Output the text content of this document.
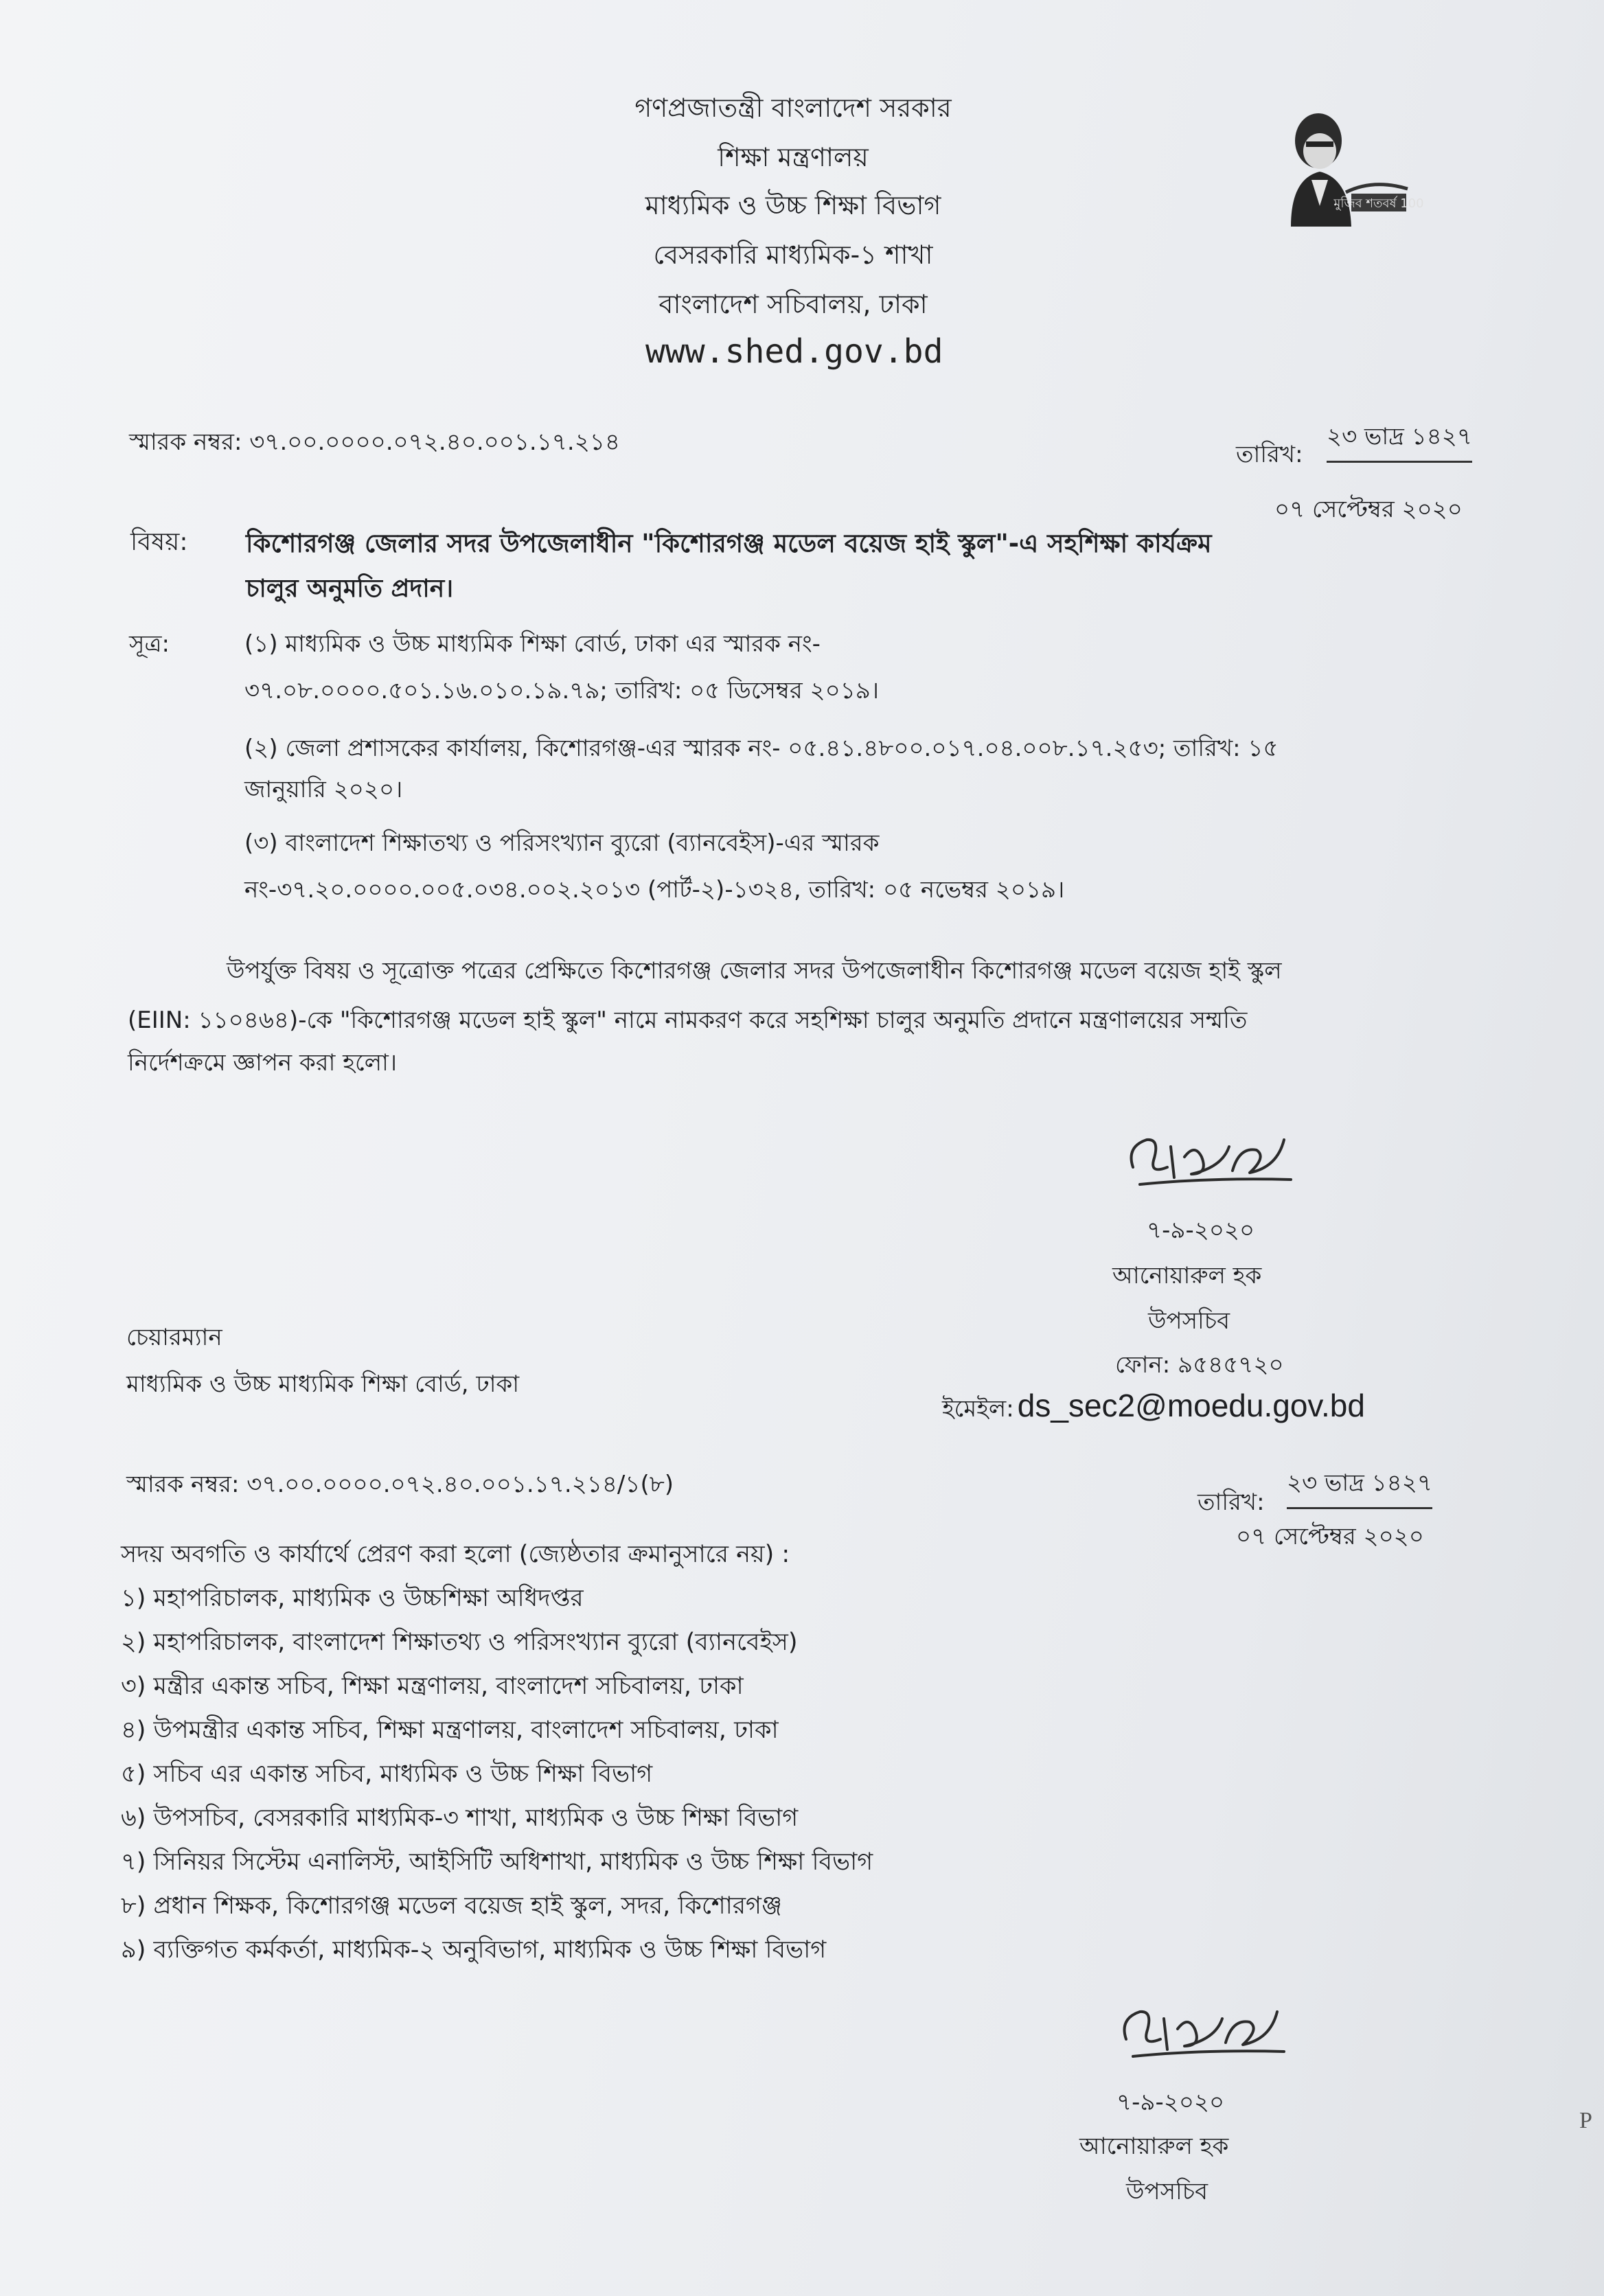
গণপ্রজাতন্ত্রী বাংলাদেশ সরকার
শিক্ষা মন্ত্রণালয়
মাধ্যমিক ও উচ্চ শিক্ষা বিভাগ
বেসরকারি মাধ্যমিক-১ শাখা
বাংলাদেশ সচিবালয়, ঢাকা
www.shed.gov.bd
মুজিব শতবর্ষ 100
স্মারক নম্বর: ৩৭.০০.০০০০.০৭২.৪০.০০১.১৭.২১৪	তারিখ:
২৩ ভাদ্র ১৪২৭
০৭ সেপ্টেম্বর ২০২০
বিষয়: কিশোরগঞ্জ জেলার সদর উপজেলাধীন "কিশোরগঞ্জ মডেল বয়েজ হাই স্কুল"-এ সহশিক্ষা কার্যক্রম
চালুর অনুমতি প্রদান।
সূত্র:	(১) মাধ্যমিক ও উচ্চ মাধ্যমিক শিক্ষা বোর্ড, ঢাকা এর স্মারক নং-
৩৭.০৮.০০০০.৫০১.১৬.০১০.১৯.৭৯; তারিখ: ০৫ ডিসেম্বর ২০১৯।
(২) জেলা প্রশাসকের কার্যালয়, কিশোরগঞ্জ-এর স্মারক নং- ০৫.৪১.৪৮০০.০১৭.০৪.০০৮.১৭.২৫৩; তারিখ: ১৫
জানুয়ারি ২০২০।
(৩) বাংলাদেশ শিক্ষাতথ্য ও পরিসংখ্যান ব্যুরো (ব্যানবেইস)-এর স্মারক
নং-৩৭.২০.০০০০.০০৫.০৩৪.০০২.২০১৩ (পার্ট-২)-১৩২৪, তারিখ: ০৫ নভেম্বর ২০১৯।
উপর্যুক্ত বিষয় ও সূত্রোক্ত পত্রের প্রেক্ষিতে কিশোরগঞ্জ জেলার সদর উপজেলাধীন কিশোরগঞ্জ মডেল বয়েজ হাই স্কুল
(EIIN: ১১০৪৬৪)-কে "কিশোরগঞ্জ মডেল হাই স্কুল" নামে নামকরণ করে সহশিক্ষা চালুর অনুমতি প্রদানে মন্ত্রণালয়ের সম্মতি
নির্দেশক্রমে জ্ঞাপন করা হলো।
৭-৯-২০২০
আনোয়ারুল হক
উপসচিব
ফোন: ৯৫৪৫৭২০
ইমেইল: ds_sec2@moedu.gov.bd
চেয়ারম্যান
মাধ্যমিক ও উচ্চ মাধ্যমিক শিক্ষা বোর্ড, ঢাকা
স্মারক নম্বর: ৩৭.০০.০০০০.০৭২.৪০.০০১.১৭.২১৪/১(৮)
তারিখ:
২৩ ভাদ্র ১৪২৭
০৭ সেপ্টেম্বর ২০২০
সদয় অবগতি ও কার্যার্থে প্রেরণ করা হলো (জ্যেষ্ঠতার ক্রমানুসারে নয়) :
১) মহাপরিচালক, মাধ্যমিক ও উচ্চশিক্ষা অধিদপ্তর
২) মহাপরিচালক, বাংলাদেশ শিক্ষাতথ্য ও পরিসংখ্যান ব্যুরো (ব্যানবেইস)
৩) মন্ত্রীর একান্ত সচিব, শিক্ষা মন্ত্রণালয়, বাংলাদেশ সচিবালয়, ঢাকা
৪) উপমন্ত্রীর একান্ত সচিব, শিক্ষা মন্ত্রণালয়, বাংলাদেশ সচিবালয়, ঢাকা
৫) সচিব এর একান্ত সচিব, মাধ্যমিক ও উচ্চ শিক্ষা বিভাগ
৬) উপসচিব, বেসরকারি মাধ্যমিক-৩ শাখা, মাধ্যমিক ও উচ্চ শিক্ষা বিভাগ
৭) সিনিয়র সিস্টেম এনালিস্ট, আইসিটি অধিশাখা, মাধ্যমিক ও উচ্চ শিক্ষা বিভাগ
৮) প্রধান শিক্ষক, কিশোরগঞ্জ মডেল বয়েজ হাই স্কুল, সদর, কিশোরগঞ্জ
৯) ব্যক্তিগত কর্মকর্তা, মাধ্যমিক-২ অনুবিভাগ, মাধ্যমিক ও উচ্চ শিক্ষা বিভাগ
৭-৯-২০২০
আনোয়ারুল হক
উপসচিব
P
